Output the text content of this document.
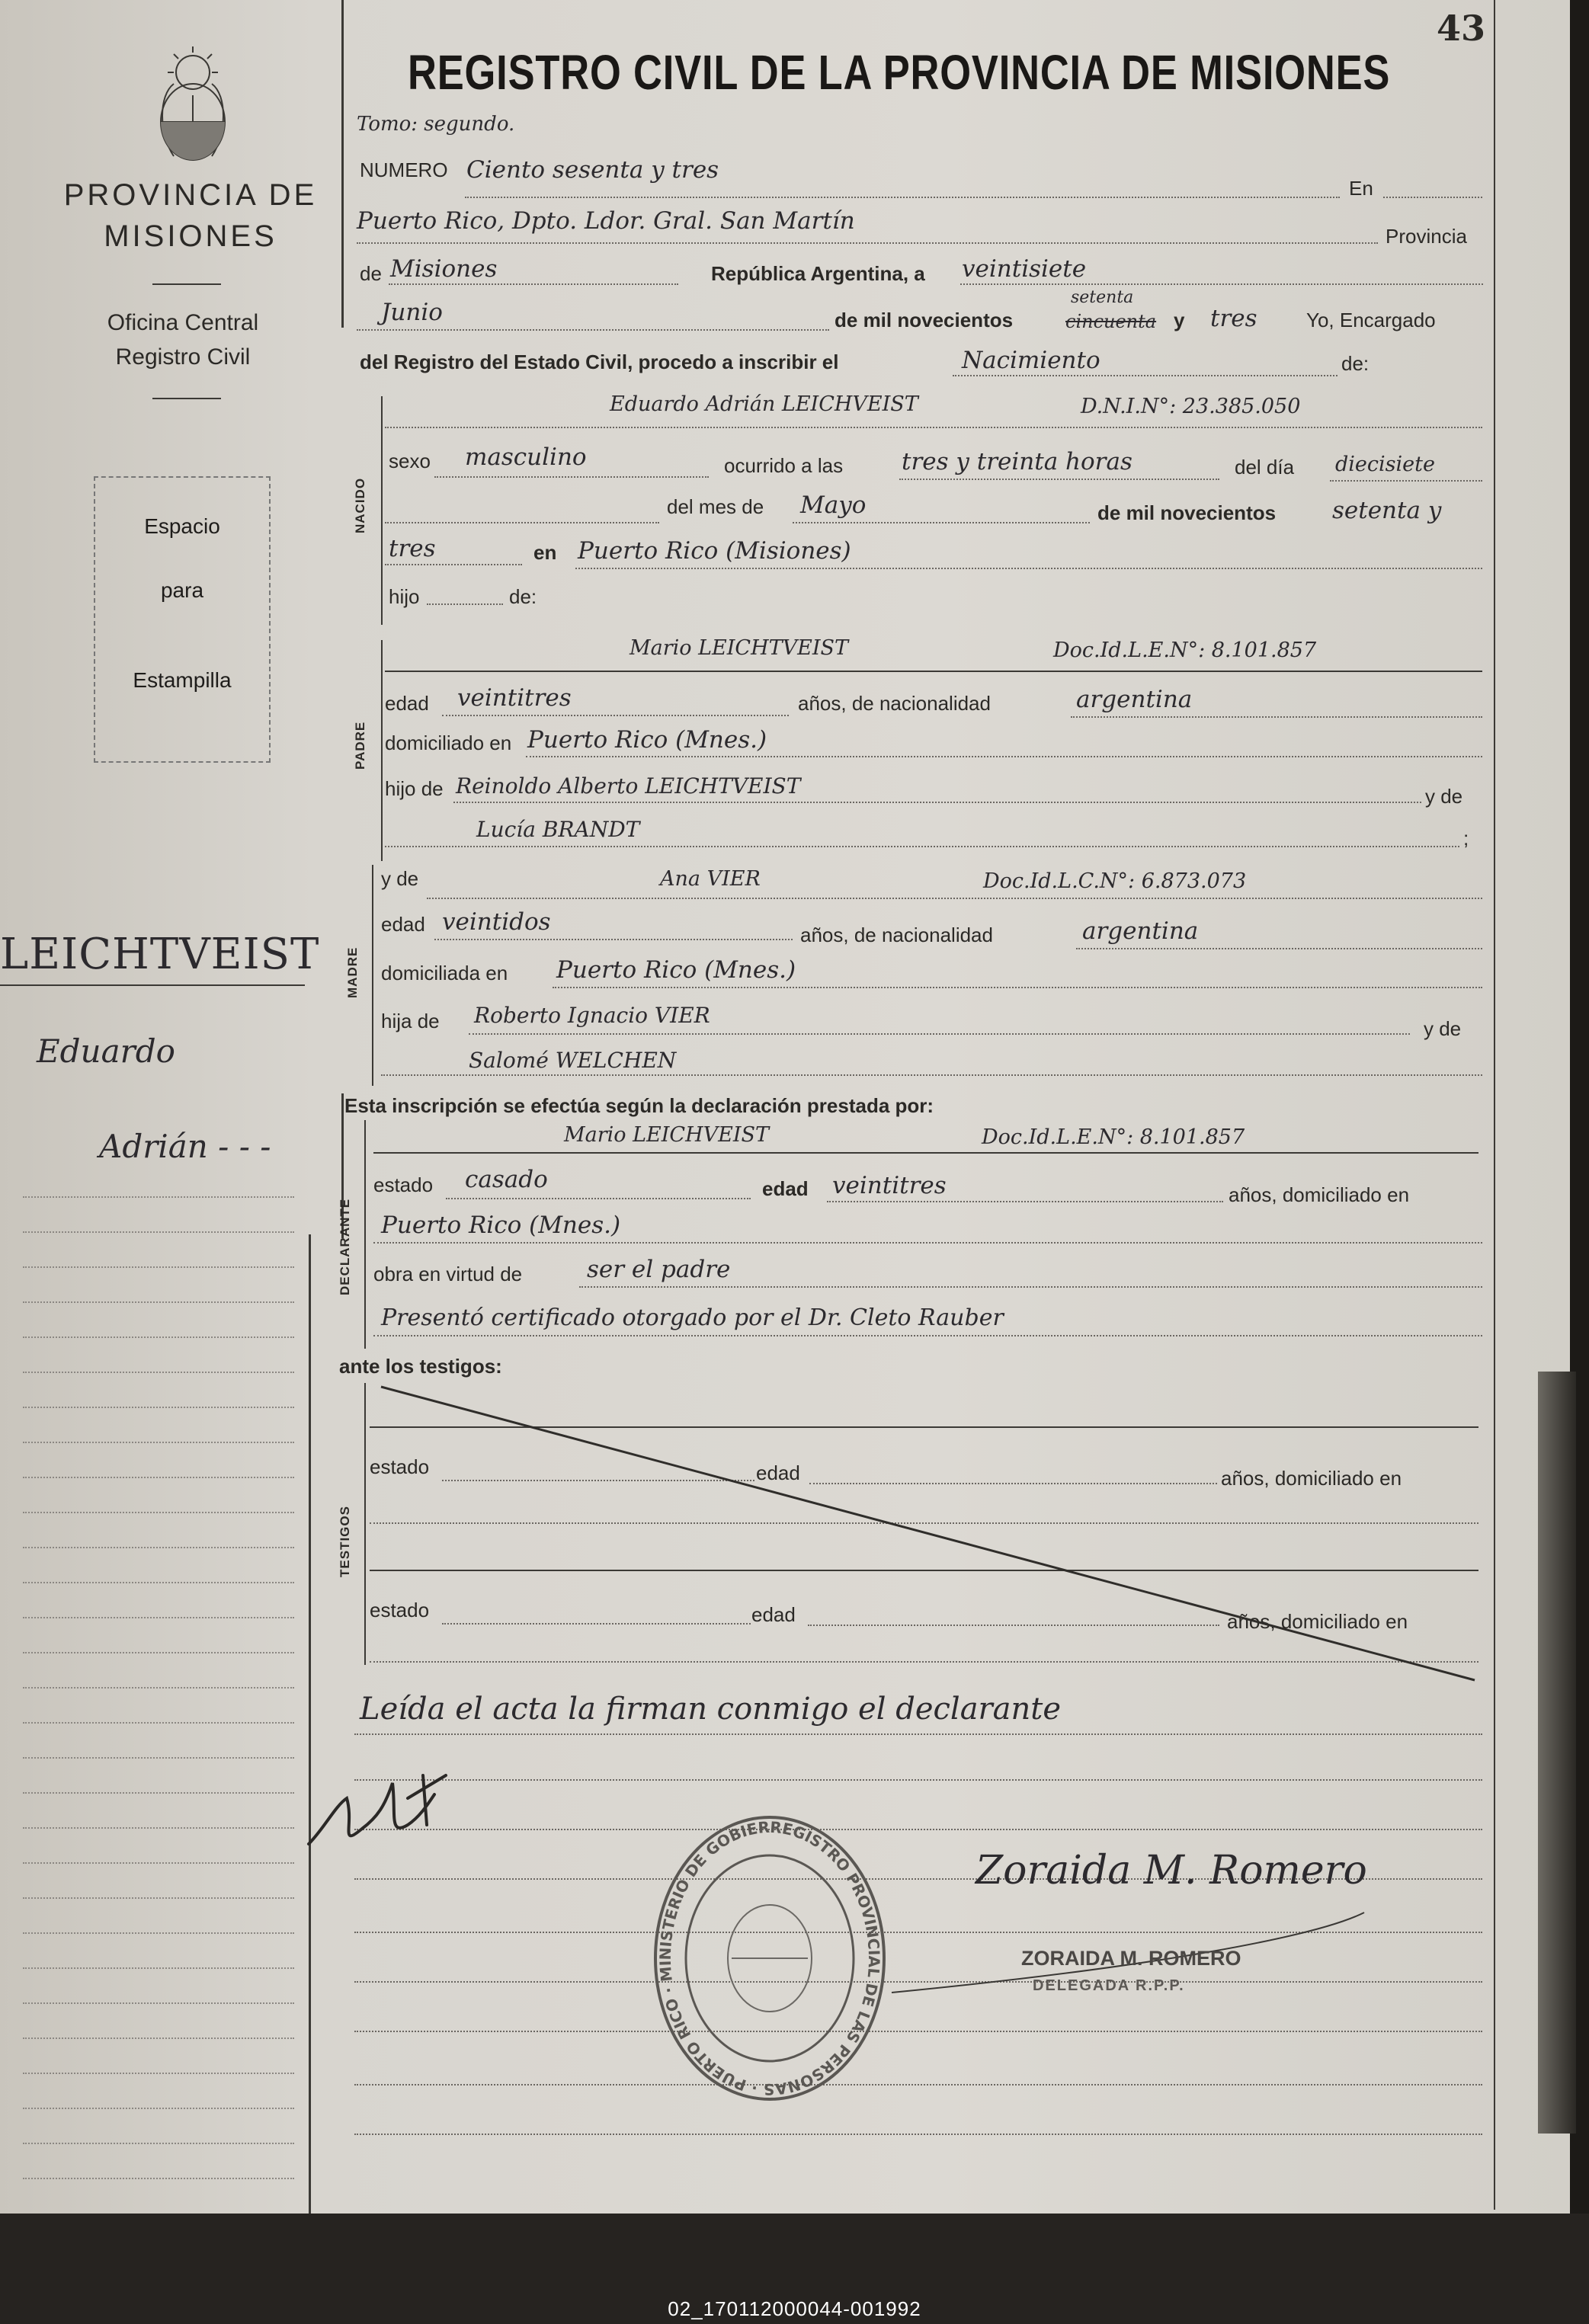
PROVINCIA DE
MISIONES
Oficina Central
Registro Civil
Espacio
para
Estampilla
LEICHTVEIST
Eduardo
Adrián - - -
43
REGISTRO CIVIL DE LA PROVINCIA DE MISIONES
Tomo: segundo.
NUMERO Ciento sesenta y tres
En
Puerto Rico, Dpto. Ldor. Gral. San Martín
Provincia
de Misiones	República Argentina, a veintisiete
Junio	de mil novecientos
setenta
cincuenta y tres Yo, Encargado
del Registro del Estado Civil, procedo a inscribir el	Nacimiento	de:
NACIDO
Eduardo Adrián LEICHVEIST	D.N.I.N°: 23.385.050
sexo masculino	ocurrido a las tres y treinta horas	del día diecisiete
del mes de Mayo	de mil novecientos setenta y
tres	en Puerto Rico (Misiones)
hijo	de:
PADRE
Mario LEICHTVEIST	Doc.Id.L.E.N°: 8.101.857
edad veintitres	años, de nacionalidad	argentina
domiciliado en Puerto Rico (Mnes.)
hijo de Reinoldo Alberto LEICHTVEIST	y de
Lucía BRANDT	;
MADRE
y de	Ana VIER	Doc.Id.L.C.N°: 6.873.073
edad veintidos	años, de nacionalidad	argentina
domiciliada en Puerto Rico (Mnes.)
hija de Roberto Ignacio VIER
y de
Salomé WELCHEN
Esta inscripción se efectúa según la declaración prestada por:
DECLARANTE
Mario LEICHVEIST	Doc.Id.L.E.N°: 8.101.857
estado casado	edad veintitres	años, domiciliado en
Puerto Rico (Mnes.)
obra en virtud de	ser el padre
Presentó certificado otorgado por el Dr. Cleto Rauber
ante los testigos:
TESTIGOS
estado	edad	años, domiciliado en
estado	edad	años, domiciliado en
Leída el acta la firman conmigo el declarante
Zoraida M. Romero
ZORAIDA M. ROMERO
DELEGADA R.P.P.
REGISTRO PROVINCIAL DE LAS PERSONAS · PUERTO RICO · MINISTERIO DE GOBIER
02_170112000044-001992
